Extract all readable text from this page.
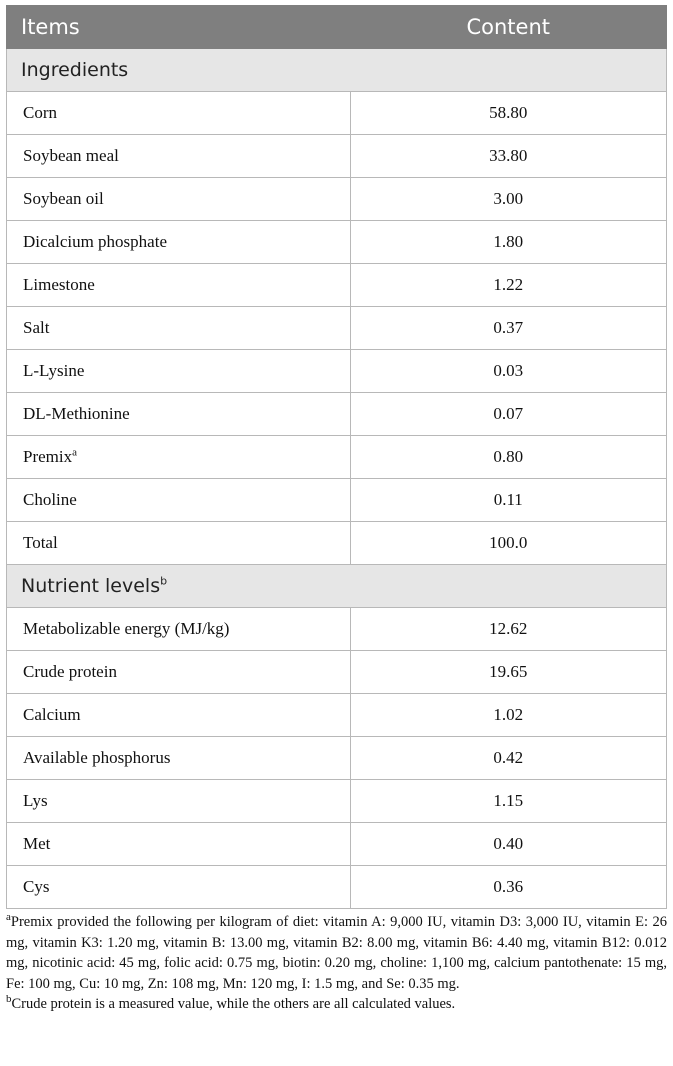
Items	Content
Ingredients	
Corn	58.80
Soybean meal	33.80
Soybean oil	3.00
Dicalcium phosphate	1.80
Limestone	1.22
Salt	0.37
L-Lysine	0.03
DL-Methionine	0.07
Premix$^a$	0.80
Choline	0.11
Total	100.0
Nutrient levels$^b$
Metabolizable energy (MJ/kg)	12.62
Crude protein	19.65
Calcium	1.02
Available phosphorus	0.42
Lys	1.15
Met	0.40
Cys	0.36

$^a$Premix provided the following per kilogram of diet: vitamin A: 9,000 IU, vitamin D3: 3,000 IU, vitamin E: 26 mg, vitamin K3: 1.20 mg, vitamin B: 13.00 mg, vitamin B2: 8.00 mg, vitamin B6: 4.40 mg, vitamin B12: 0.012 mg, nicotinic acid: 45 mg, folic acid: 0.75 mg, biotin: 0.20 mg, choline: 1,100 mg, calcium pantothenate: 15 mg, Fe: 100 mg, Cu: 10 mg, Zn: 108 mg, Mn: 120 mg, I: 1.5 mg, and Se: 0.35 mg.

$^b$Crude protein is a measured value, while the others are all calculated values.
